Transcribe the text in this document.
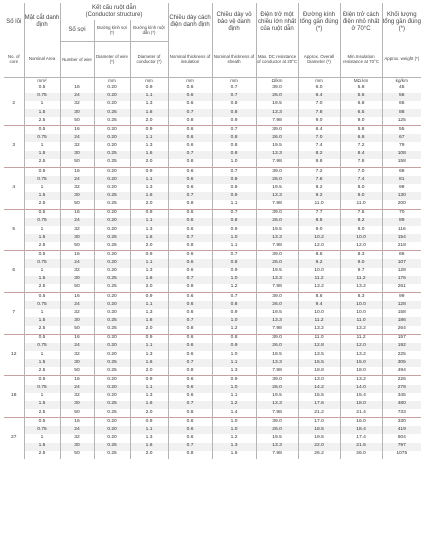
Số lõi	Mặt cắt danh định	Kết cấu ruột dẫn
(Conductor structure)			Chiều dày cách điện danh định	Chiều dày vỏ bảo vệ danh định	Điện trở một chiều lớn nhất của ruột dẫn	Đường kính tổng gần đúng (*)	Điện trở cách điện nhỏ nhất ở 70°C	Khối lượng tổng gần đúng (*)
		Số sợi	Đường kính sợi (*)	Đường kính ruột dẫn (*)						
No. of core	Nominal Area	Number of wire	Diameter of wire (*)	Diameter of conductor (*)	Nominal thickness of insulation	Nominal thickness of sheath	Max. DC resistance of conductor at 20°C	Approx. Overall Diameter (*)	Min.Insulation resistance at 70°C	Approx. weight (*)
	mm²		mm	mm	mm	mm	Ω/km	mm	MΩ.km	kg/km
2	0.5	16	0.20	0.9	0.6	0.7	39.0	6.0	5.8	45
	0.75	24	0.20	1.1	0.6	0.7	26.0	6.4	5.6	56
	1	32	0.20	1.3	0.6	0.8	19.5	7.0	6.8	66
	1.5	30	0.25	1.6	0.7	0.8	13.3	7.8	6.5	88
	2.5	50	0.25	2.0	0.8	0.9	7.98	9.0	9.0	125
3	0.5	16	0.20	0.9	0.6	0.7	39.0	6.4	5.8	55
	0.75	24	0.20	1.1	0.6	0.8	26.0	7.0	6.8	67
	1	32	0.20	1.3	0.6	0.8	19.5	7.4	7.2	79
	1.5	30	0.25	1.6	0.7	0.8	13.3	8.2	8.4	108
	2.5	50	0.25	2.0	0.8	1.0	7.98	9.8	7.8	158
4	0.5	16	0.20	0.9	0.6	0.7	39.0	7.2	7.0	68
	0.75	24	0.20	1.1	0.6	0.8	26.0	7.6	7.4	81
	1	32	0.20	1.3	0.6	0.8	19.5	8.2	8.0	98
	1.5	30	0.25	1.6	0.7	0.9	13.3	9.2	9.0	130
	2.5	50	0.25	2.0	0.8	1.1	7.98	11.0	11.0	200
5	0.5	16	0.20	0.9	0.6	0.7	39.0	7.7	7.5	70
	0.75	24	0.20	1.1	0.6	0.8	26.0	8.5	8.2	89
	1	32	0.20	1.3	0.6	0.9	19.5	9.0	9.0	116
	1.5	30	0.25	1.6	0.7	1.0	13.3	10.2	10.0	154
	2.5	50	0.25	2.0	0.8	1.1	7.98	12.0	12.0	218
6	0.5	16	0.20	0.9	0.6	0.7	39.0	8.6	8.3	86
	0.75	24	0.20	1.1	0.6	0.8	26.0	9.2	9.0	107
	1	32	0.20	1.3	0.6	0.9	19.5	10.0	9.7	128
	1.5	30	0.25	1.6	0.7	1.0	13.3	11.2	11.2	176
	2.5	50	0.25	2.0	0.8	1.2	7.98	13.2	13.2	261
7	0.5	16	0.20	0.9	0.6	0.7	39.0	8.6	8.3	99
	0.75	24	0.20	1.1	0.6	0.8	26.0	9.4	10.0	128
	1	32	0.20	1.3	0.6	0.9	19.5	10.0	10.0	158
	1.5	30	0.25	1.6	0.7	1.0	13.3	11.2	11.0	186
	2.5	50	0.25	2.0	0.8	1.2	7.98	13.2	13.2	264
12	0.5	16	0.20	0.9	0.6	0.8	39.0	11.0	11.2	157
	0.75	24	0.20	1.1	0.6	0.9	26.0	12.8	12.0	192
	1	32	0.20	1.3	0.6	1.0	19.5	13.5	13.2	225
	1.5	30	0.25	1.6	0.7	1.1	13.3	15.5	15.0	305
	2.5	50	0.25	2.0	0.8	1.3	7.98	18.8	18.0	494
18	0.5	16	0.20	0.9	0.6	0.9	39.0	13.0	13.2	226
	0.75	24	0.20	1.1	0.6	1.0	26.0	14.2	14.0	278
	1	32	0.20	1.3	0.6	1.1	19.5	15.5	15.4	345
	1.5	30	0.25	1.6	0.7	1.2	13.3	17.6	18.0	480
	2.5	50	0.25	2.0	0.8	1.4	7.98	21.2	21.4	733
27	0.5	16	0.20	0.9	0.6	1.0	39.0	17.0	16.0	330
	0.75	24	0.20	1.1	0.6	1.0	26.0	18.5	18.4	419
	1	32	0.20	1.3	0.6	1.2	19.5	19.5	17.4	504
	1.5	30	0.25	1.6	0.7	1.3	13.3	22.0	21.5	797
	2.5	50	0.25	2.0	0.8	1.6	7.98	26.2	26.0	1075
